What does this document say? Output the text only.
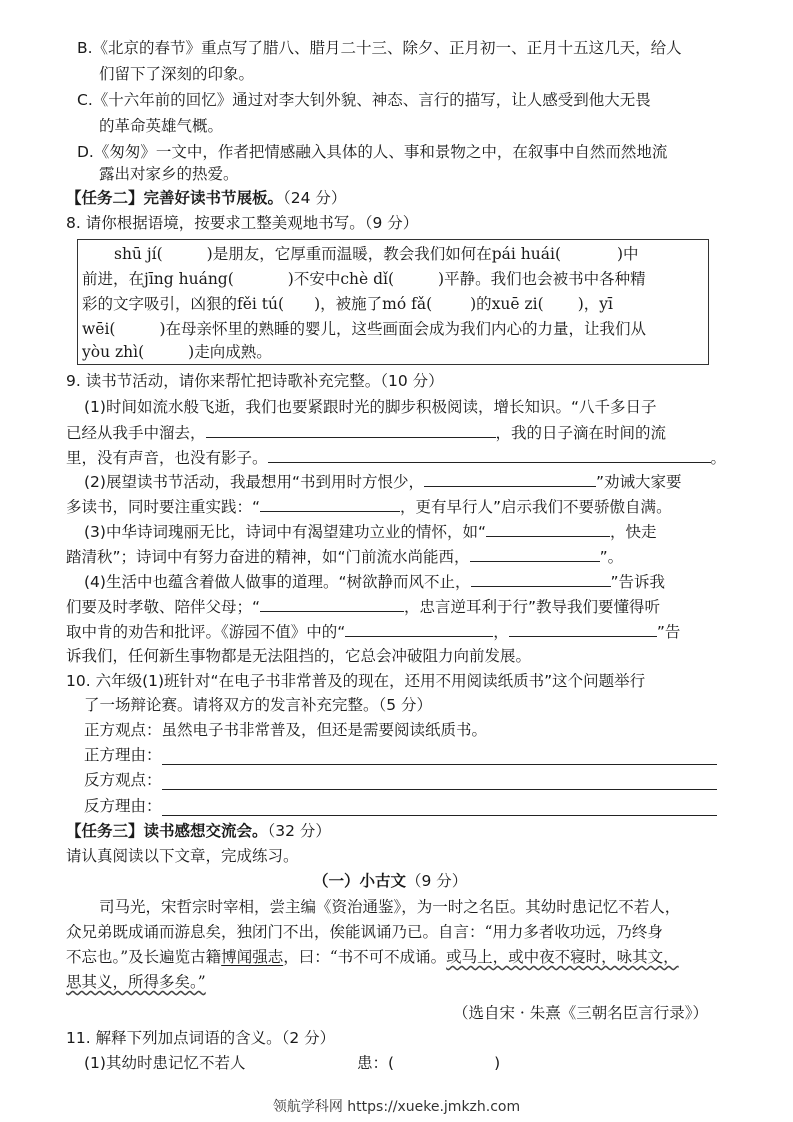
B.《北京的春节》重点写了腊八、腊月二十三、除夕、正月初一、正月十五这几天，给人
们留下了深刻的印象。
C.《十六年前的回忆》通过对李大钊外貌、神态、言行的描写，让人感受到他大无畏
的革命英雄气概。
D.《匆匆》一文中，作者把情感融入具体的人、事和景物之中，在叙事中自然而然地流
露出对家乡的热爱。
【任务二】完善好读书节展板。（24 分）
8. 请你根据语境，按要求工整美观地书写。（9 分）
shū jí(	)是朋友，它厚重而温暖，教会我们如何在pái huái(	)中
前进，在jīng huáng(	)不安中chè dǐ(	)平静。我们也会被书中各种精
彩的文字吸引，凶狠的fěi tú( )，被施了mó fǎ( )的xuē zi( )，yī
wēi(	)在母亲怀里的熟睡的婴儿，这些画面会成为我们内心的力量，让我们从
yòu zhì(	)走向成熟。
9. 读书节活动，请你来帮忙把诗歌补充完整。（10 分）
(1)时间如流水般飞逝，我们也要紧跟时光的脚步积极阅读，增长知识。“八千多日子
已经从我手中溜去，	，我的日子滴在时间的流
里，没有声音，也没有影子。	。
(2)展望读书节活动，我最想用“书到用时方恨少，	”劝诫大家要
多读书，同时要注重实践：“	，更有早行人”启示我们不要骄傲自满。
(3)中华诗词瑰丽无比，诗词中有渴望建功立业的情怀，如“	，快走
踏清秋”；诗词中有努力奋进的精神，如“门前流水尚能西，	”。
(4)生活中也蕴含着做人做事的道理。“树欲静而风不止，	”告诉我
们要及时孝敬、陪伴父母；“	，忠言逆耳利于行”教导我们要懂得听
取中肯的劝告和批评。《游园不值》中的“	，	”告
诉我们，任何新生事物都是无法阻挡的，它总会冲破阻力向前发展。
10. 六年级(1)班针对“在电子书非常普及的现在，还用不用阅读纸质书”这个问题举行
了一场辩论赛。请将双方的发言补充完整。（5 分）
正方观点：虽然电子书非常普及，但还是需要阅读纸质书。
正方理由：
反方观点：
反方理由：
【任务三】读书感想交流会。（32 分）
请认真阅读以下文章，完成练习。
（一）小古文（9 分）
司马光，宋哲宗时宰相，尝主编《资治通鉴》，为一时之名臣。其幼时患记忆不若人，
众兄弟既成诵而游息矣，独闭门不出，俟能讽诵乃已。自言：“用力多者收功远，乃终身
不忘也。”及长遍览古籍博闻强志，曰：“书不可不成诵。或马上，或中夜不寝时，咏其文，
思其义，所得多矣。”
（选自宋 · 朱熹《三朝名臣言行录》）
11. 解释下列加点词语的含义。（2 分）
(1)其幼时患记忆不若人	患：(	)
领航学科网 https://xueke.jmkzh.com
